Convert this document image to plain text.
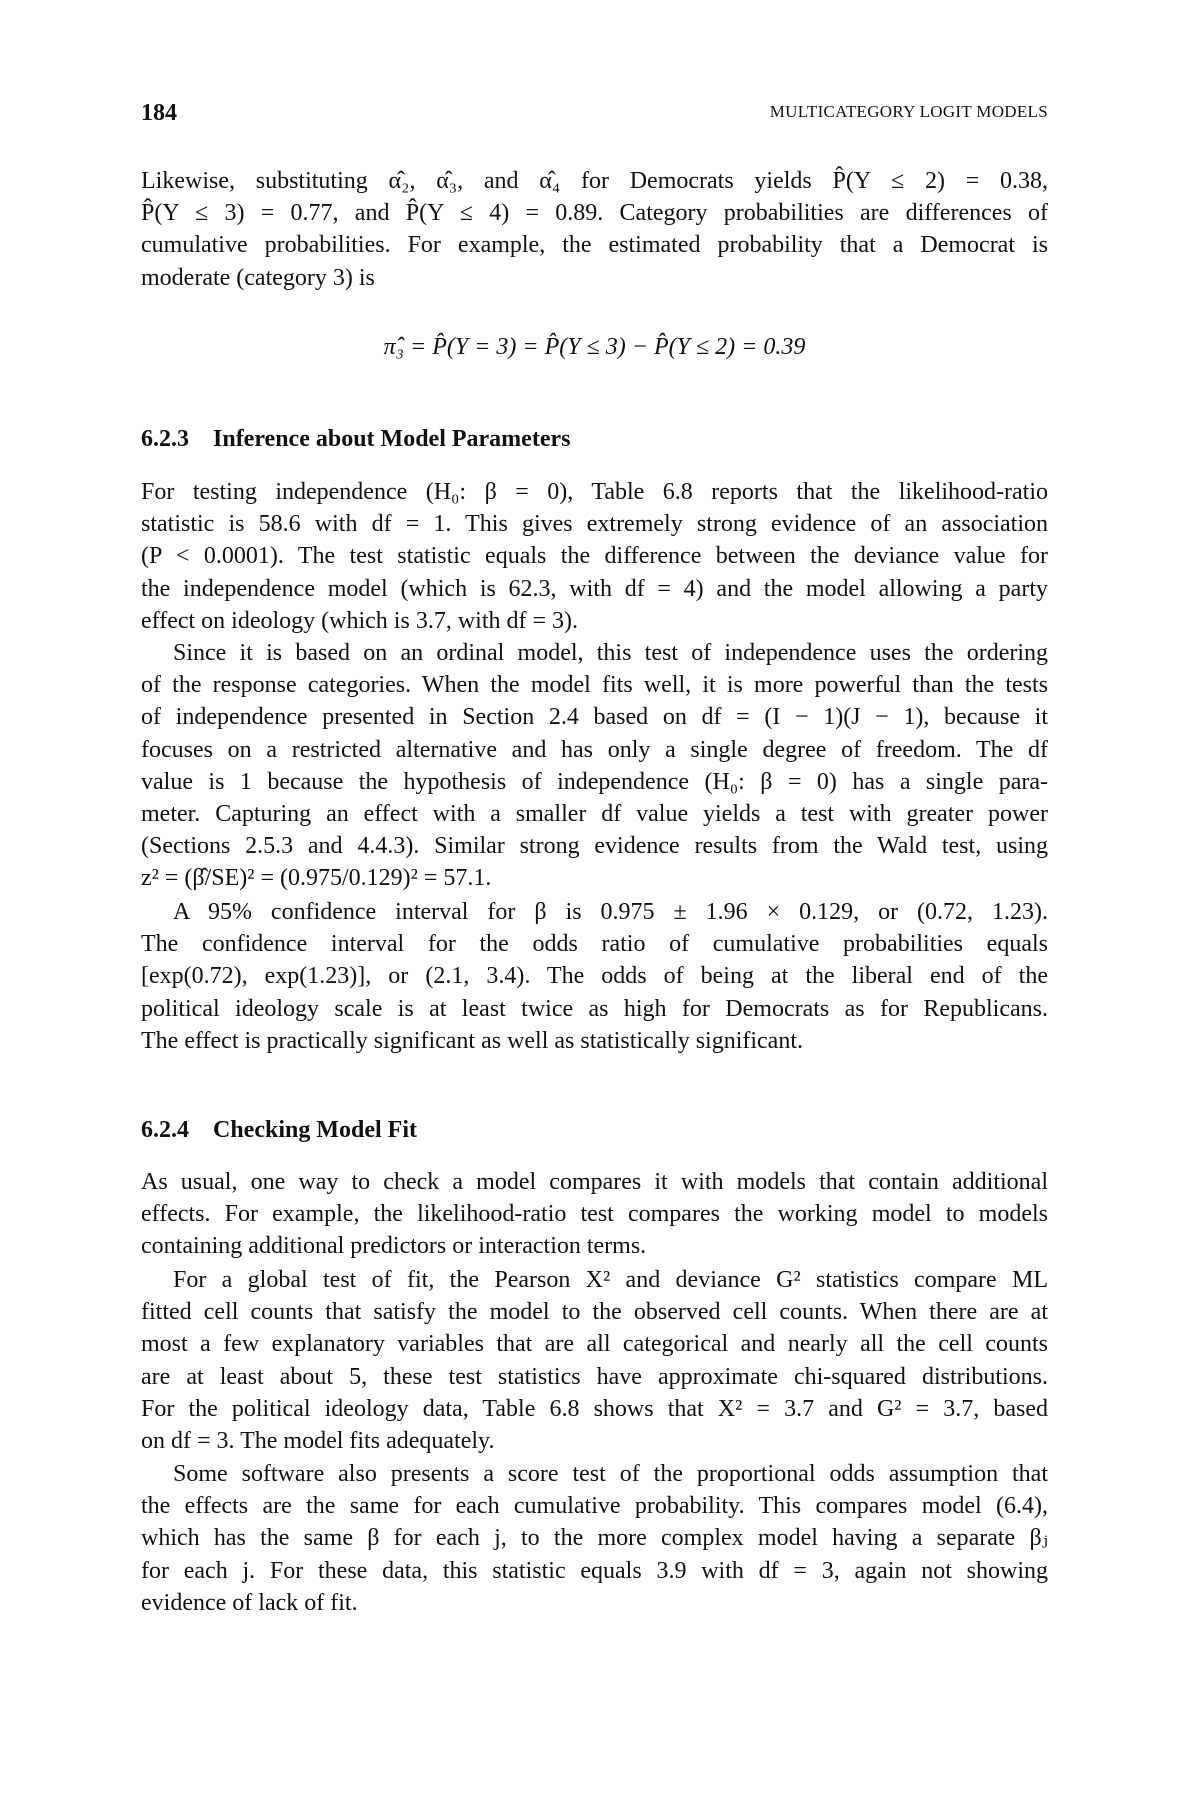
184	MULTICATEGORY LOGIT MODELS
Likewise, substituting α̂₂, α̂₃, and α̂₄ for Democrats yields P̂(Y ≤ 2) = 0.38,
P̂(Y ≤ 3) = 0.77, and P̂(Y ≤ 4) = 0.89. Category probabilities are differences of
cumulative probabilities. For example, the estimated probability that a Democrat is
moderate (category 3) is
π̂₃ = P̂(Y = 3) = P̂(Y ≤ 3) − P̂(Y ≤ 2) = 0.39
6.2.3 Inference about Model Parameters
For testing independence (H₀: β = 0), Table 6.8 reports that the likelihood-ratio
statistic is 58.6 with df = 1. This gives extremely strong evidence of an association
(P < 0.0001). The test statistic equals the difference between the deviance value for
the independence model (which is 62.3, with df = 4) and the model allowing a party
effect on ideology (which is 3.7, with df = 3).
Since it is based on an ordinal model, this test of independence uses the ordering
of the response categories. When the model fits well, it is more powerful than the tests
of independence presented in Section 2.4 based on df = (I − 1)(J − 1), because it
focuses on a restricted alternative and has only a single degree of freedom. The df
value is 1 because the hypothesis of independence (H₀: β = 0) has a single para-
meter. Capturing an effect with a smaller df value yields a test with greater power
(Sections 2.5.3 and 4.4.3). Similar strong evidence results from the Wald test, using
z² = (β̂/SE)² = (0.975/0.129)² = 57.1.
A 95% confidence interval for β is 0.975 ± 1.96 × 0.129, or (0.72, 1.23).
The confidence interval for the odds ratio of cumulative probabilities equals
[exp(0.72), exp(1.23)], or (2.1, 3.4). The odds of being at the liberal end of the
political ideology scale is at least twice as high for Democrats as for Republicans.
The effect is practically significant as well as statistically significant.
6.2.4 Checking Model Fit
As usual, one way to check a model compares it with models that contain additional
effects. For example, the likelihood-ratio test compares the working model to models
containing additional predictors or interaction terms.
For a global test of fit, the Pearson X² and deviance G² statistics compare ML
fitted cell counts that satisfy the model to the observed cell counts. When there are at
most a few explanatory variables that are all categorical and nearly all the cell counts
are at least about 5, these test statistics have approximate chi-squared distributions.
For the political ideology data, Table 6.8 shows that X² = 3.7 and G² = 3.7, based
on df = 3. The model fits adequately.
Some software also presents a score test of the proportional odds assumption that
the effects are the same for each cumulative probability. This compares model (6.4),
which has the same β for each j, to the more complex model having a separate βⱼ
for each j. For these data, this statistic equals 3.9 with df = 3, again not showing
evidence of lack of fit.
